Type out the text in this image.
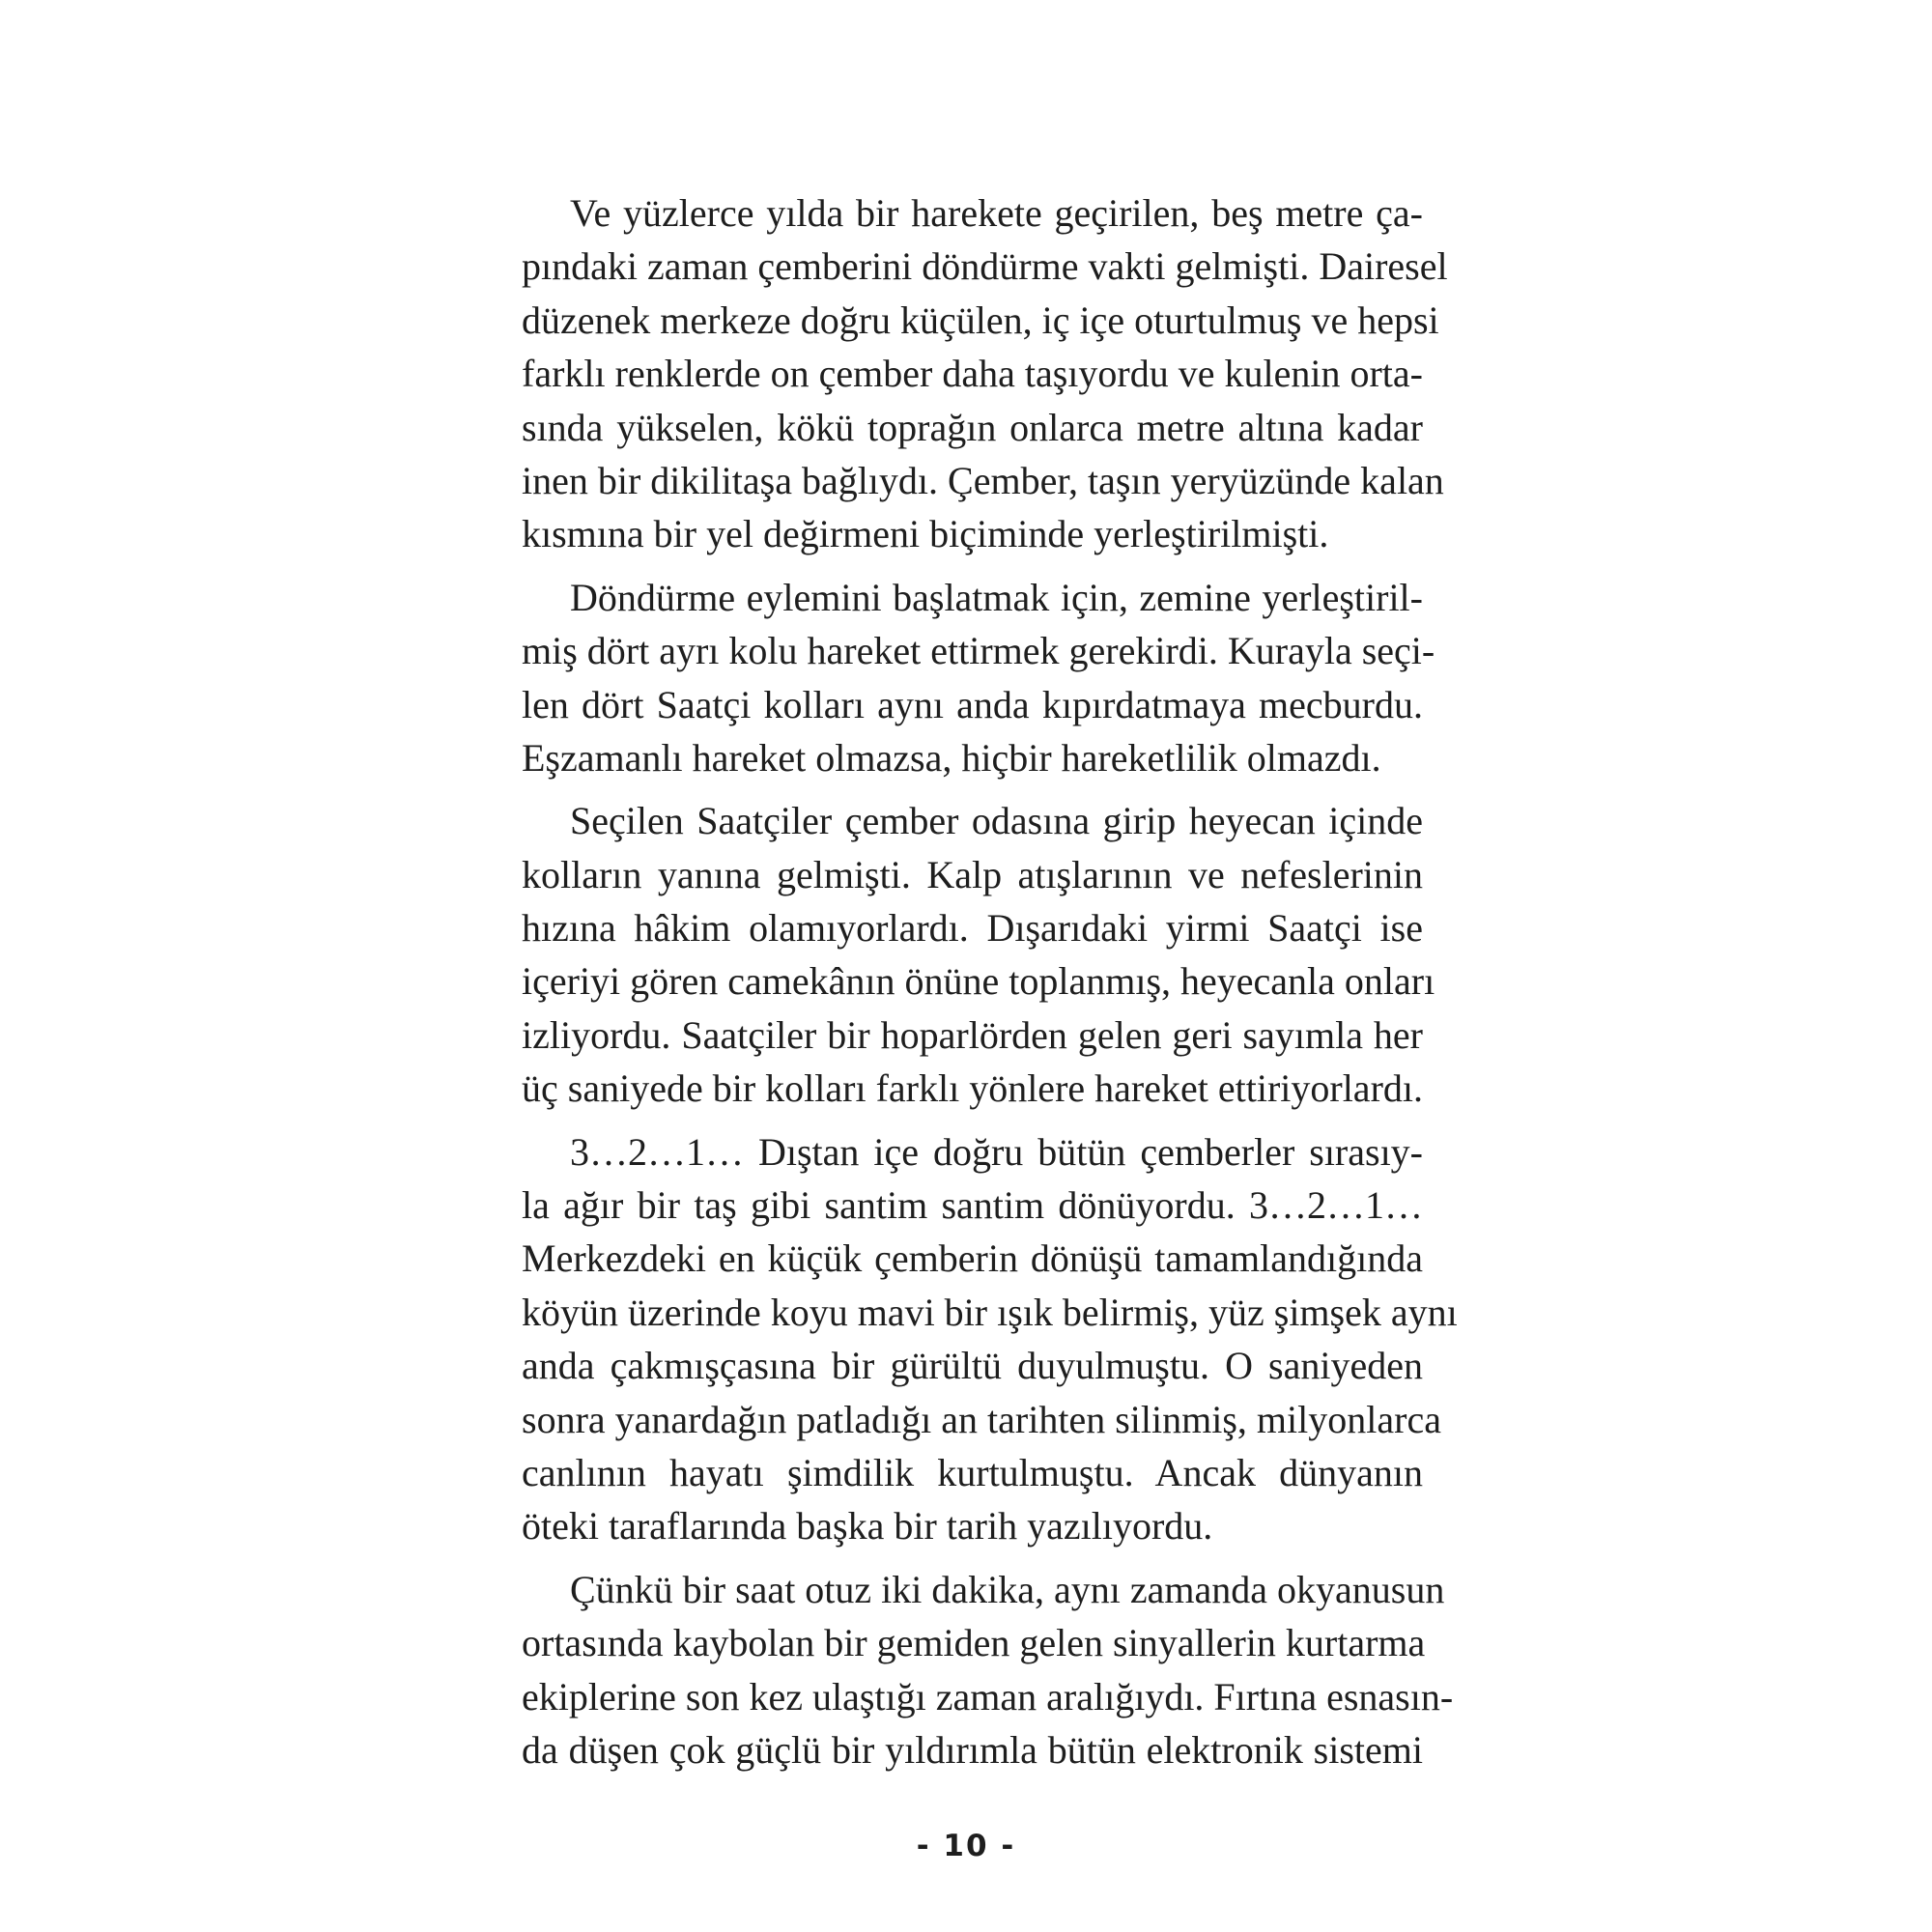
Ve yüzlerce yılda bir harekete geçirilen, beş metre ça-
pındaki zaman çemberini döndürme vakti gelmişti. Dairesel
düzenek merkeze doğru küçülen, iç içe oturtulmuş ve hepsi
farklı renklerde on çember daha taşıyordu ve kulenin orta-
sında yükselen, kökü toprağın onlarca metre altına kadar
inen bir dikilitaşa bağlıydı. Çember, taşın yeryüzünde kalan
kısmına bir yel değirmeni biçiminde yerleştirilmişti.
Döndürme eylemini başlatmak için, zemine yerleştiril-
miş dört ayrı kolu hareket ettirmek gerekirdi. Kurayla seçi-
len dört Saatçi kolları aynı anda kıpırdatmaya mecburdu.
Eşzamanlı hareket olmazsa, hiçbir hareketlilik olmazdı.
Seçilen Saatçiler çember odasına girip heyecan içinde
kolların yanına gelmişti. Kalp atışlarının ve nefeslerinin
hızına hâkim olamıyorlardı. Dışarıdaki yirmi Saatçi ise
içeriyi gören camekânın önüne toplanmış, heyecanla onları
izliyordu. Saatçiler bir hoparlörden gelen geri sayımla her
üç saniyede bir kolları farklı yönlere hareket ettiriyorlardı.
3…2…1… Dıştan içe doğru bütün çemberler sırasıy-
la ağır bir taş gibi santim santim dönüyordu. 3…2…1…
Merkezdeki en küçük çemberin dönüşü tamamlandığında
köyün üzerinde koyu mavi bir ışık belirmiş, yüz şimşek aynı
anda çakmışçasına bir gürültü duyulmuştu. O saniyeden
sonra yanardağın patladığı an tarihten silinmiş, milyonlarca
canlının hayatı şimdilik kurtulmuştu. Ancak dünyanın
öteki taraflarında başka bir tarih yazılıyordu.
Çünkü bir saat otuz iki dakika, aynı zamanda okyanusun
ortasında kaybolan bir gemiden gelen sinyallerin kurtarma
ekiplerine son kez ulaştığı zaman aralığıydı. Fırtına esnasın-
da düşen çok güçlü bir yıldırımla bütün elektronik sistemi
- 10 -
